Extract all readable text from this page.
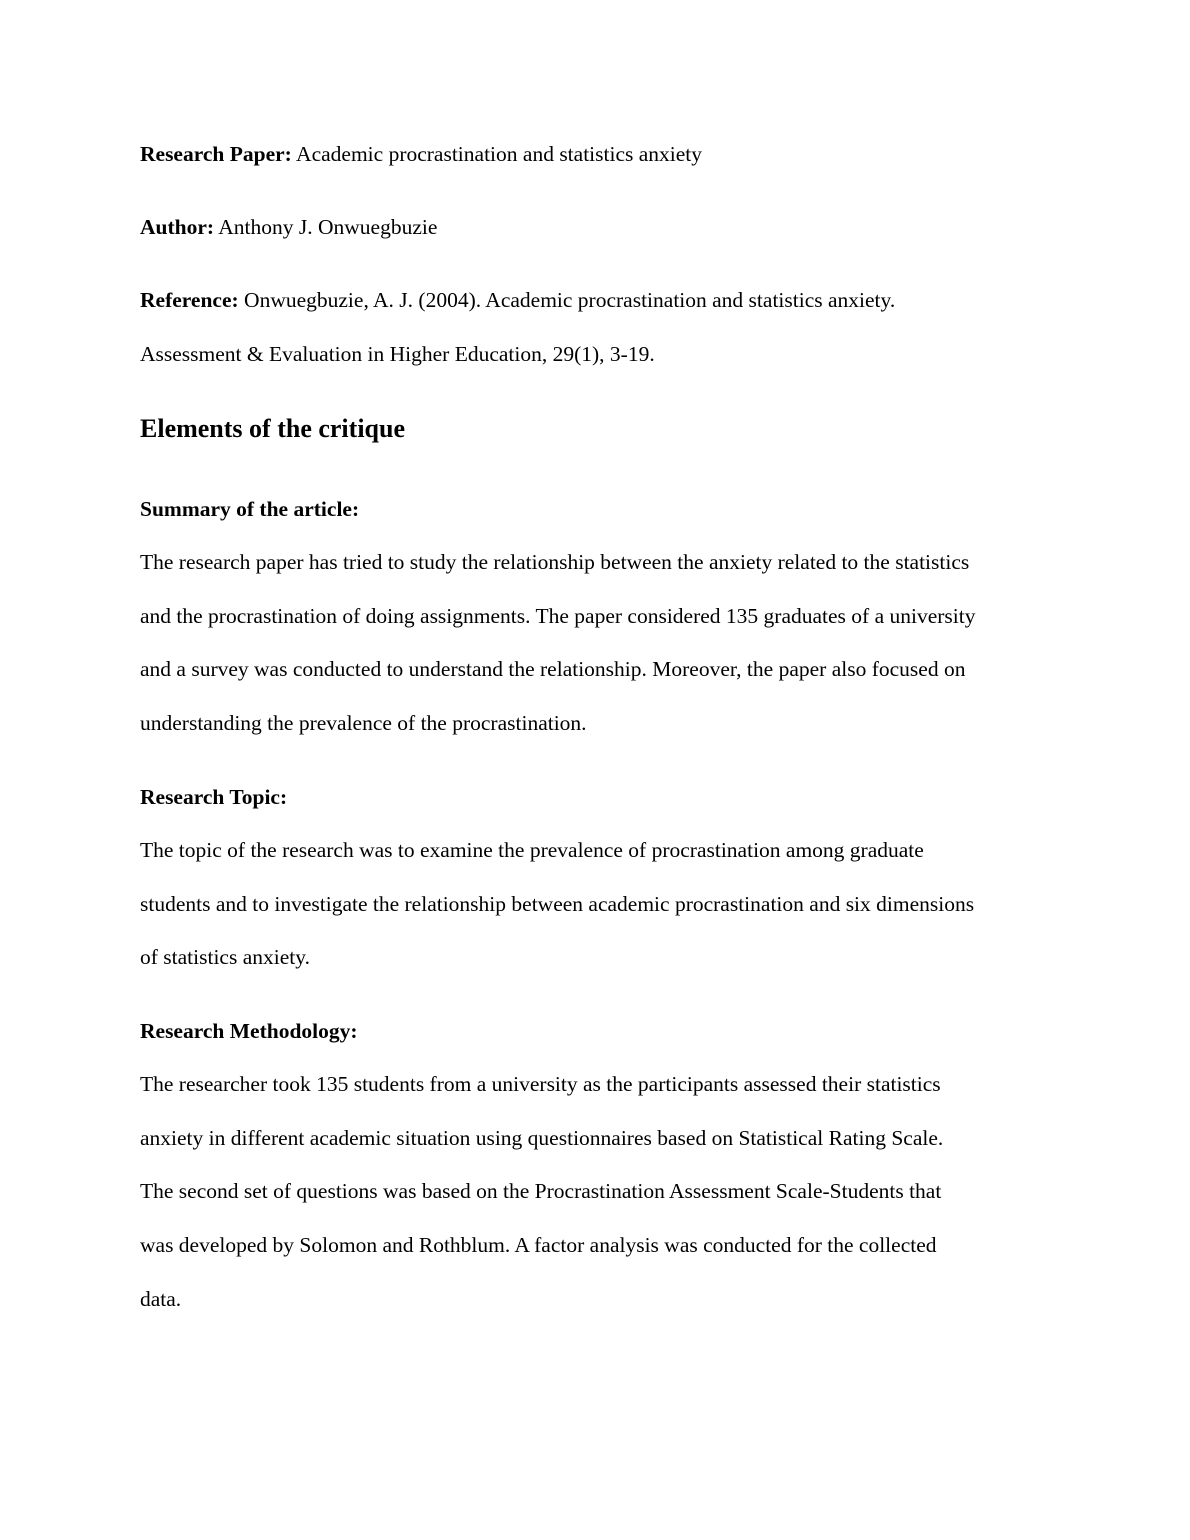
Research Paper: Academic procrastination and statistics anxiety
Author: Anthony J. Onwuegbuzie
Reference: Onwuegbuzie, A. J. (2004). Academic procrastination and statistics anxiety.
Assessment & Evaluation in Higher Education, 29(1), 3-19.
Elements of the critique
Summary of the article:
The research paper has tried to study the relationship between the anxiety related to the statistics
and the procrastination of doing assignments. The paper considered 135 graduates of a university
and a survey was conducted to understand the relationship. Moreover, the paper also focused on
understanding the prevalence of the procrastination.
Research Topic:
The topic of the research was to examine the prevalence of procrastination among graduate
students and to investigate the relationship between academic procrastination and six dimensions
of statistics anxiety.
Research Methodology:
The researcher took 135 students from a university as the participants assessed their statistics
anxiety in different academic situation using questionnaires based on Statistical Rating Scale.
The second set of questions was based on the Procrastination Assessment Scale-Students that
was developed by Solomon and Rothblum. A factor analysis was conducted for the collected
data.
